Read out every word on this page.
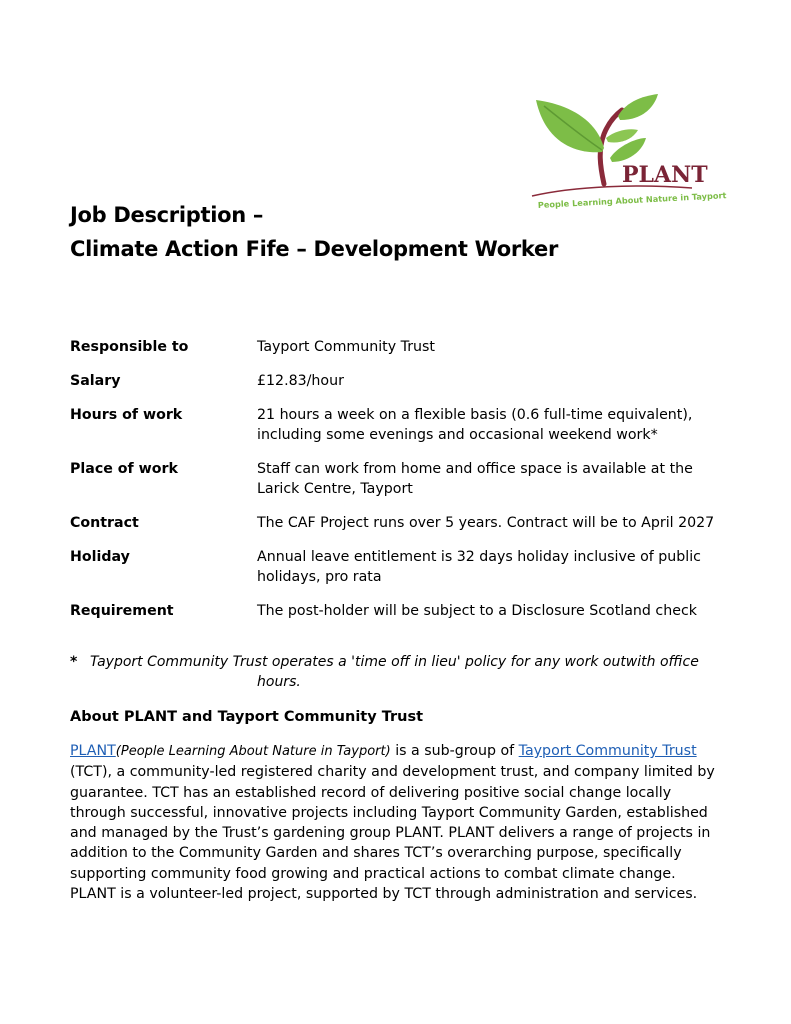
PLANT
People Learning About Nature in Tayport
Job Description –
Climate Action Fife – Development Worker
Responsible to	Tayport Community Trust
Salary	£12.83/hour
Hours of work	21 hours a week on a flexible basis (0.6 full-time equivalent), including some evenings and occasional weekend work*
Place of work	Staff can work from home and office space is available at the Larick Centre, Tayport
Contract	The CAF Project runs over 5 years. Contract will be to April 2027
Holiday	Annual leave entitlement is 32 days holiday inclusive of public holidays, pro rata
Requirement	The post-holder will be subject to a Disclosure Scotland check
* Tayport Community Trust operates a 'time off in lieu' policy for any work outwith office
hours.
About PLANT and Tayport Community Trust

PLANT(People Learning About Nature in Tayport) is a sub-group of Tayport Community Trust (TCT), a community-led registered charity and development trust, and company limited by guarantee. TCT has an established record of delivering positive social change locally through successful, innovative projects including Tayport Community Garden, established and managed by the Trust’s gardening group PLANT. PLANT delivers a range of projects in addition to the Community Garden and shares TCT’s overarching purpose, specifically supporting community food growing and practical actions to combat climate change. PLANT is a volunteer-led project, supported by TCT through administration and services.
